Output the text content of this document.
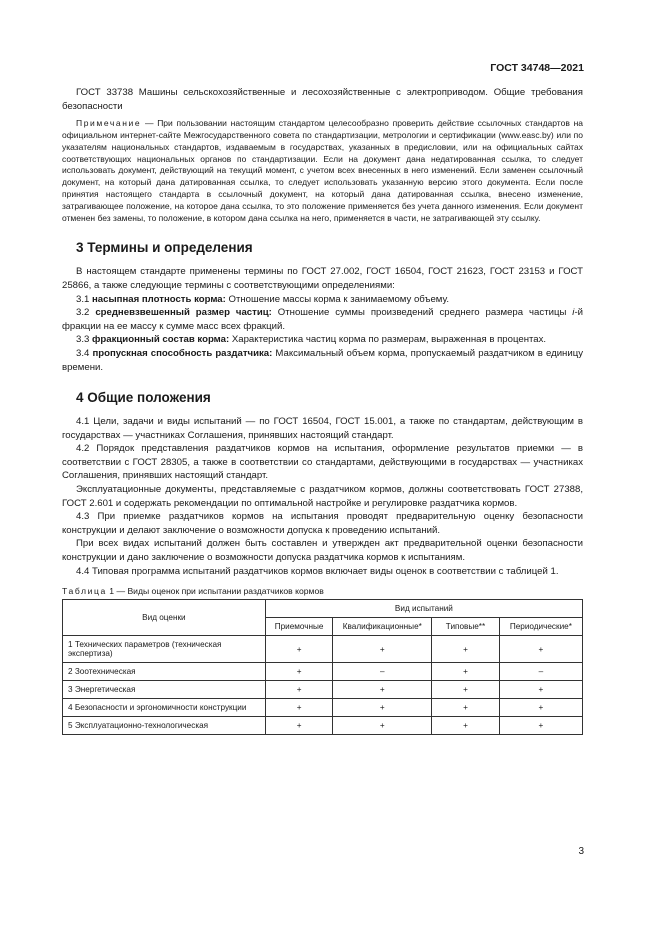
ГОСТ 34748—2021

ГОСТ 33738 Машины сельскохозяйственные и лесохозяйственные с электроприводом. Общие требования безопасности

Примечание — При пользовании настоящим стандартом целесообразно проверить действие ссылочных стандартов на официальном интернет-сайте Межгосударственного совета по стандартизации, метрологии и сертификации (www.easc.by) или по указателям национальных стандартов, издаваемым в государствах, указанных в предисловии, или на официальных сайтах соответствующих национальных органов по стандартизации. Если на документ дана недатированная ссылка, то следует использовать документ, действующий на текущий момент, с учетом всех внесенных в него изменений. Если заменен ссылочный документ, на который дана датированная ссылка, то следует использовать указанную версию этого документа. Если после принятия настоящего стандарта в ссылочный документ, на который дана датированная ссылка, внесено изменение, затрагивающее положение, на которое дана ссылка, то это положение применяется без учета данного изменения. Если документ отменен без замены, то положение, в котором дана ссылка на него, применяется в части, не затрагивающей эту ссылку.

3 Термины и определения

В настоящем стандарте применены термины по ГОСТ 27.002, ГОСТ 16504, ГОСТ 21623, ГОСТ 23153 и ГОСТ 25866, а также следующие термины с соответствующими определениями:

3.1 насыпная плотность корма: Отношение массы корма к занимаемому объему.

3.2 средневзвешенный размер частиц: Отношение суммы произведений среднего размера частицы i-й фракции на ее массу к сумме масс всех фракций.

3.3 фракционный состав корма: Характеристика частиц корма по размерам, выраженная в процентах.

3.4 пропускная способность раздатчика: Максимальный объем корма, пропускаемый раздатчиком в единицу времени.

4 Общие положения

4.1 Цели, задачи и виды испытаний — по ГОСТ 16504, ГОСТ 15.001, а также по стандартам, действующим в государствах — участниках Соглашения, принявших настоящий стандарт.

4.2 Порядок представления раздатчиков кормов на испытания, оформление результатов приемки — в соответствии с ГОСТ 28305, а также в соответствии со стандартами, действующими в государствах — участниках Соглашения, принявших настоящий стандарт.

Эксплуатационные документы, представляемые с раздатчиком кормов, должны соответствовать ГОСТ 27388, ГОСТ 2.601 и содержать рекомендации по оптимальной настройке и регулировке раздатчика кормов.

4.3 При приемке раздатчиков кормов на испытания проводят предварительную оценку безопасности конструкции и делают заключение о возможности допуска к проведению испытаний.

При всех видах испытаний должен быть составлен и утвержден акт предварительной оценки безопасности конструкции и дано заключение о возможности допуска раздатчика кормов к испытаниям.

4.4 Типовая программа испытаний раздатчиков кормов включает виды оценок в соответствии с таблицей 1.

Таблица 1 — Виды оценок при испытании раздатчиков кормов
Вид оценки	Вид испытаний			
	Приемочные	Квалификационные*	Типовые**	Периодические*
1 Технических параметров (техническая экспертиза)	+	+	+	+
2 Зоотехническая	+	–	+	–
3 Энергетическая	+	+	+	+
4 Безопасности и эргономичности конструкции	+	+	+	+
5 Эксплуатационно-технологическая	+	+	+	+
3
